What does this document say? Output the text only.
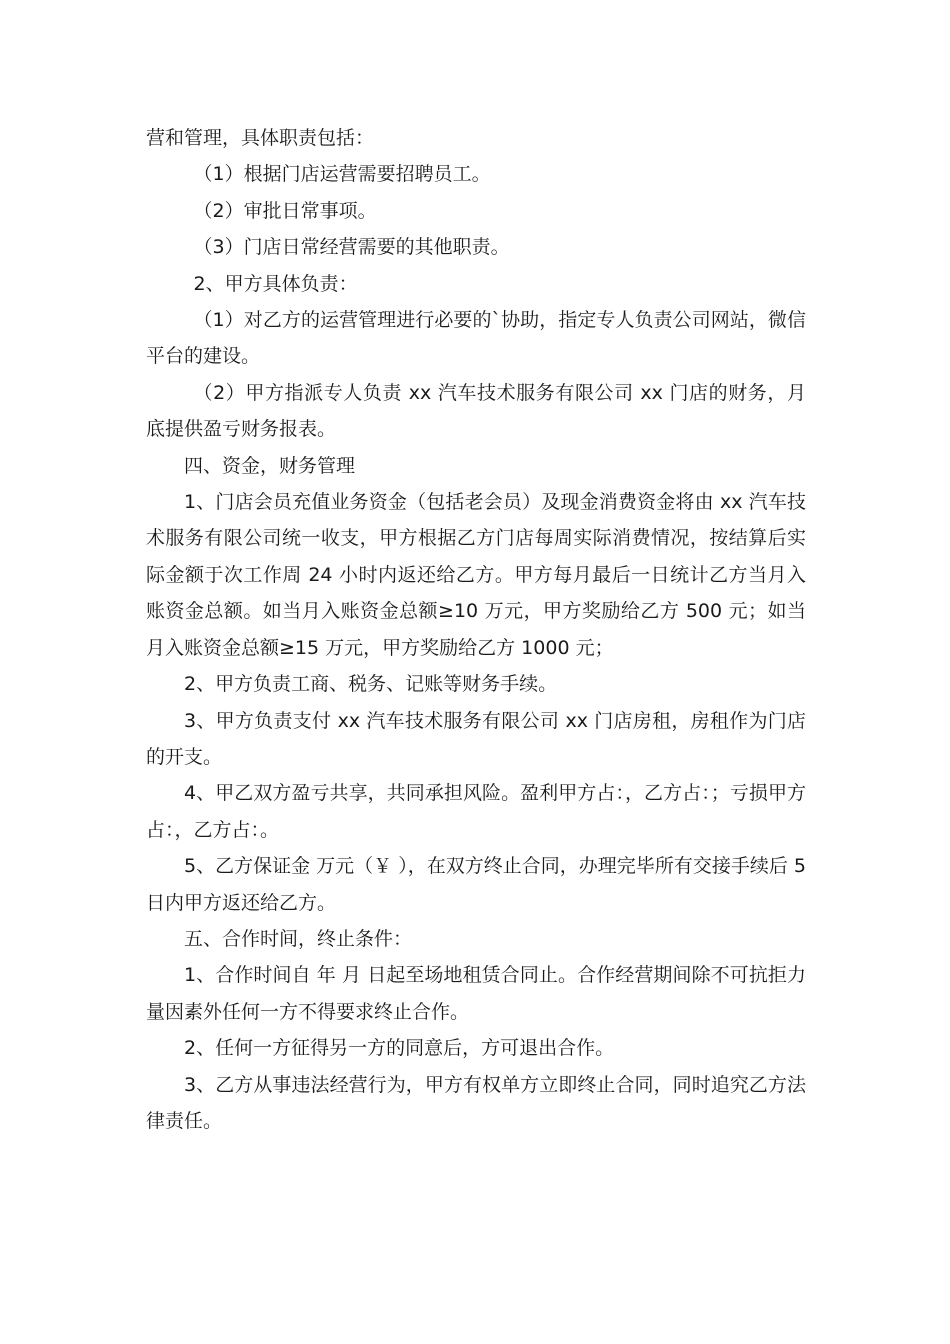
营和管理，具体职责包括：

（1）根据门店运营需要招聘员工。

（2）审批日常事项。

（3）门店日常经营需要的其他职责。

2、甲方具体负责：

（1）对乙方的运营管理进行必要的`协助，指定专人负责公司网站，微信平台的建设。

（2）甲方指派专人负责 xx 汽车技术服务有限公司 xx 门店的财务，月底提供盈亏财务报表。

四、资金，财务管理

1、门店会员充值业务资金（包括老会员）及现金消费资金将由 xx 汽车技术服务有限公司统一收支，甲方根据乙方门店每周实际消费情况，按结算后实际金额于次工作周 24 小时内返还给乙方。甲方每月最后一日统计乙方当月入账资金总额。如当月入账资金总额≥10 万元，甲方奖励给乙方 500 元；如当月入账资金总额≥15 万元，甲方奖励给乙方 1000 元；

2、甲方负责工商、税务、记账等财务手续。

3、甲方负责支付 xx 汽车技术服务有限公司 xx 门店房租，房租作为门店的开支。

4、甲乙双方盈亏共享，共同承担风险。盈利甲方占：，乙方占：；亏损甲方占：，乙方占：。

5、乙方保证金 万元（￥ ），在双方终止合同，办理完毕所有交接手续后 5 日内甲方返还给乙方。

五、合作时间，终止条件：

1、合作时间自 年 月 日起至场地租赁合同止。合作经营期间除不可抗拒力量因素外任何一方不得要求终止合作。

2、任何一方征得另一方的同意后，方可退出合作。

3、乙方从事违法经营行为，甲方有权单方立即终止合同，同时追究乙方法律责任。
